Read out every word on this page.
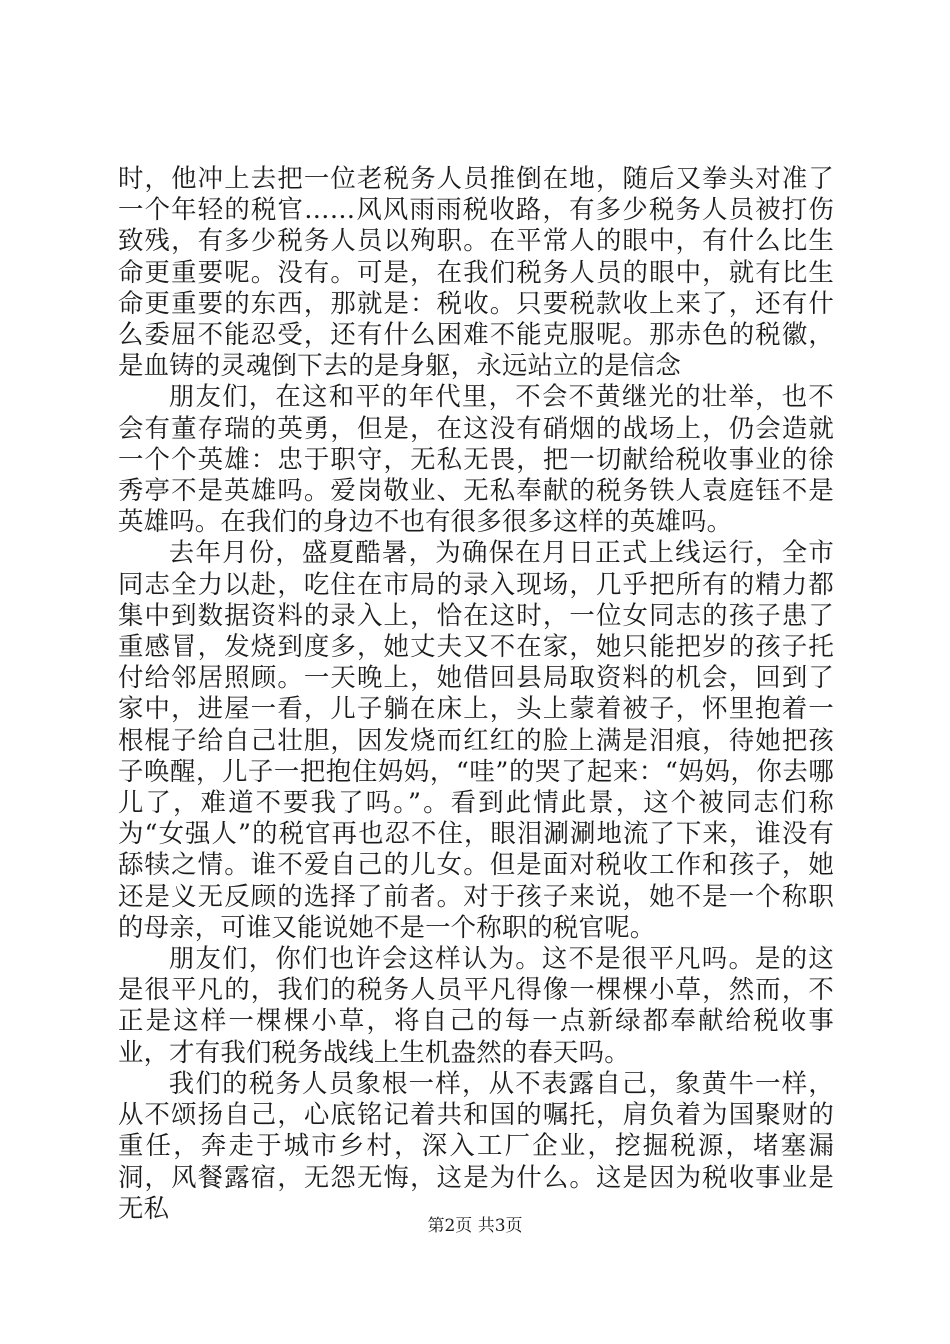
时，他冲上去把一位老税务人员推倒在地，随后又拳头对准了一个年轻的税官……风风雨雨税收路，有多少税务人员被打伤致残，有多少税务人员以殉职。在平常人的眼中，有什么比生命更重要呢。没有。可是，在我们税务人员的眼中，就有比生命更重要的东西，那就是：税收。只要税款收上来了，还有什么委屈不能忍受，还有什么困难不能克服呢。那赤色的税徽，是血铸的灵魂倒下去的是身躯，永远站立的是信念

朋友们，在这和平的年代里，不会不黄继光的壮举，也不会有董存瑞的英勇，但是，在这没有硝烟的战场上，仍会造就一个个英雄：忠于职守，无私无畏，把一切献给税收事业的徐秀亭不是英雄吗。爱岗敬业、无私奉献的税务铁人袁庭钰不是英雄吗。在我们的身边不也有很多很多这样的英雄吗。

去年月份，盛夏酷暑，为确保在月日正式上线运行，全市同志全力以赴，吃住在市局的录入现场，几乎把所有的精力都集中到数据资料的录入上，恰在这时，一位女同志的孩子患了重感冒，发烧到度多，她丈夫又不在家，她只能把岁的孩子托付给邻居照顾。一天晚上，她借回县局取资料的机会，回到了家中，进屋一看，儿子躺在床上，头上蒙着被子，怀里抱着一根棍子给自己壮胆，因发烧而红红的脸上满是泪痕，待她把孩子唤醒，儿子一把抱住妈妈，“哇”的哭了起来：“妈妈，你去哪儿了，难道不要我了吗。”。看到此情此景，这个被同志们称为“女强人”的税官再也忍不住，眼泪涮涮地流了下来，谁没有舔犊之情。谁不爱自己的儿女。但是面对税收工作和孩子，她还是义无反顾的选择了前者。对于孩子来说，她不是一个称职的母亲，可谁又能说她不是一个称职的税官呢。

朋友们，你们也许会这样认为。这不是很平凡吗。是的这是很平凡的，我们的税务人员平凡得像一棵棵小草，然而，不正是这样一棵棵小草，将自己的每一点新绿都奉献给税收事业，才有我们税务战线上生机盎然的春天吗。

我们的税务人员象根一样，从不表露自己，象黄牛一样，从不颂扬自己，心底铭记着共和国的嘱托，肩负着为国聚财的重任，奔走于城市乡村，深入工厂企业，挖掘税源，堵塞漏洞，风餐露宿，无怨无悔，这是为什么。这是因为税收事业是无私

第2页 共3页
